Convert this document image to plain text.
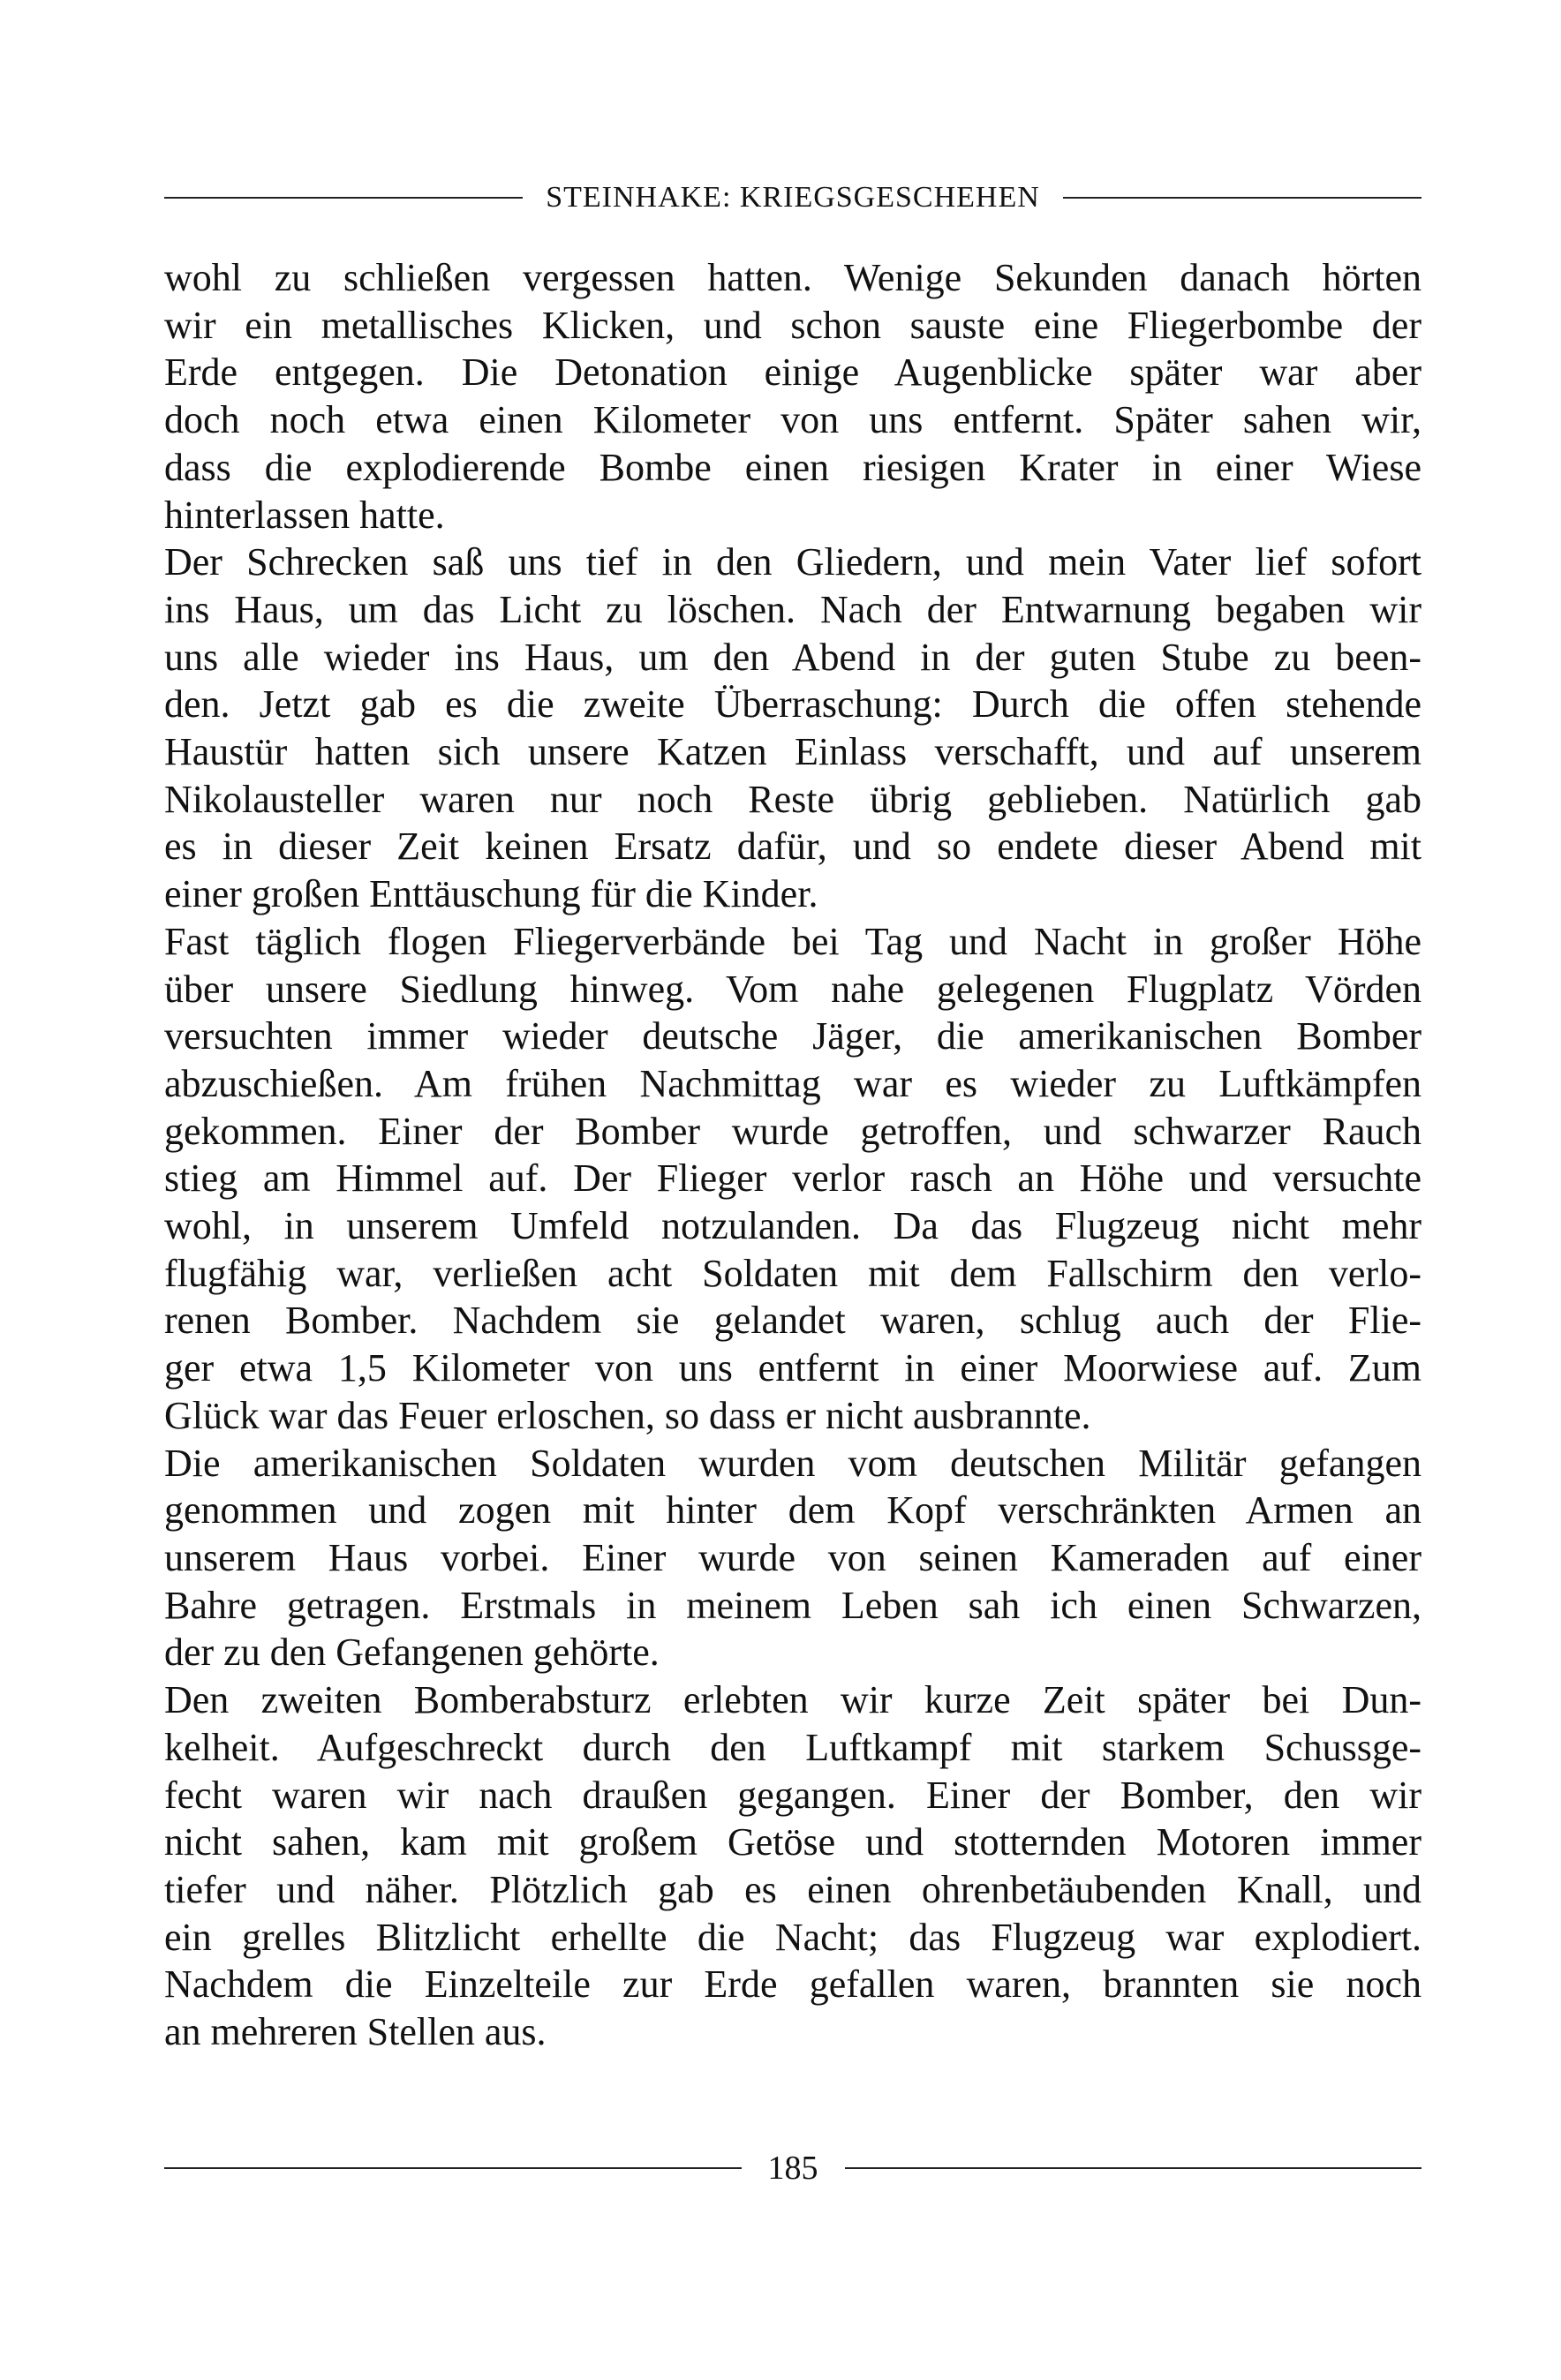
STEINHAKE: KRIEGSGESCHEHEN

wohl zu schließen vergessen hatten. Wenige Sekunden danach hörten
wir ein metallisches Klicken, und schon sauste eine Fliegerbombe der
Erde entgegen. Die Detonation einige Augenblicke später war aber
doch noch etwa einen Kilometer von uns entfernt. Später sahen wir,
dass die explodierende Bombe einen riesigen Krater in einer Wiese
hinterlassen hatte.

Der Schrecken saß uns tief in den Gliedern, und mein Vater lief sofort
ins Haus, um das Licht zu löschen. Nach der Entwarnung begaben wir
uns alle wieder ins Haus, um den Abend in der guten Stube zu been-
den. Jetzt gab es die zweite Überraschung: Durch die offen stehende
Haustür hatten sich unsere Katzen Einlass verschafft, und auf unserem
Nikolausteller waren nur noch Reste übrig geblieben. Natürlich gab
es in dieser Zeit keinen Ersatz dafür, und so endete dieser Abend mit
einer großen Enttäuschung für die Kinder.

Fast täglich flogen Fliegerverbände bei Tag und Nacht in großer Höhe
über unsere Siedlung hinweg. Vom nahe gelegenen Flugplatz Vörden
versuchten immer wieder deutsche Jäger, die amerikanischen Bomber
abzuschießen. Am frühen Nachmittag war es wieder zu Luftkämpfen
gekommen. Einer der Bomber wurde getroffen, und schwarzer Rauch
stieg am Himmel auf. Der Flieger verlor rasch an Höhe und versuchte
wohl, in unserem Umfeld notzulanden. Da das Flugzeug nicht mehr
flugfähig war, verließen acht Soldaten mit dem Fallschirm den verlo-
renen Bomber. Nachdem sie gelandet waren, schlug auch der Flie-
ger etwa 1,5 Kilometer von uns entfernt in einer Moorwiese auf. Zum
Glück war das Feuer erloschen, so dass er nicht ausbrannte.

Die amerikanischen Soldaten wurden vom deutschen Militär gefangen
genommen und zogen mit hinter dem Kopf verschränkten Armen an
unserem Haus vorbei. Einer wurde von seinen Kameraden auf einer
Bahre getragen. Erstmals in meinem Leben sah ich einen Schwarzen,
der zu den Gefangenen gehörte.

Den zweiten Bomberabsturz erlebten wir kurze Zeit später bei Dun-
kelheit. Aufgeschreckt durch den Luftkampf mit starkem Schussge-
fecht waren wir nach draußen gegangen. Einer der Bomber, den wir
nicht sahen, kam mit großem Getöse und stotternden Motoren immer
tiefer und näher. Plötzlich gab es einen ohrenbetäubenden Knall, und
ein grelles Blitzlicht erhellte die Nacht; das Flugzeug war explodiert.
Nachdem die Einzelteile zur Erde gefallen waren, brannten sie noch
an mehreren Stellen aus.

185
